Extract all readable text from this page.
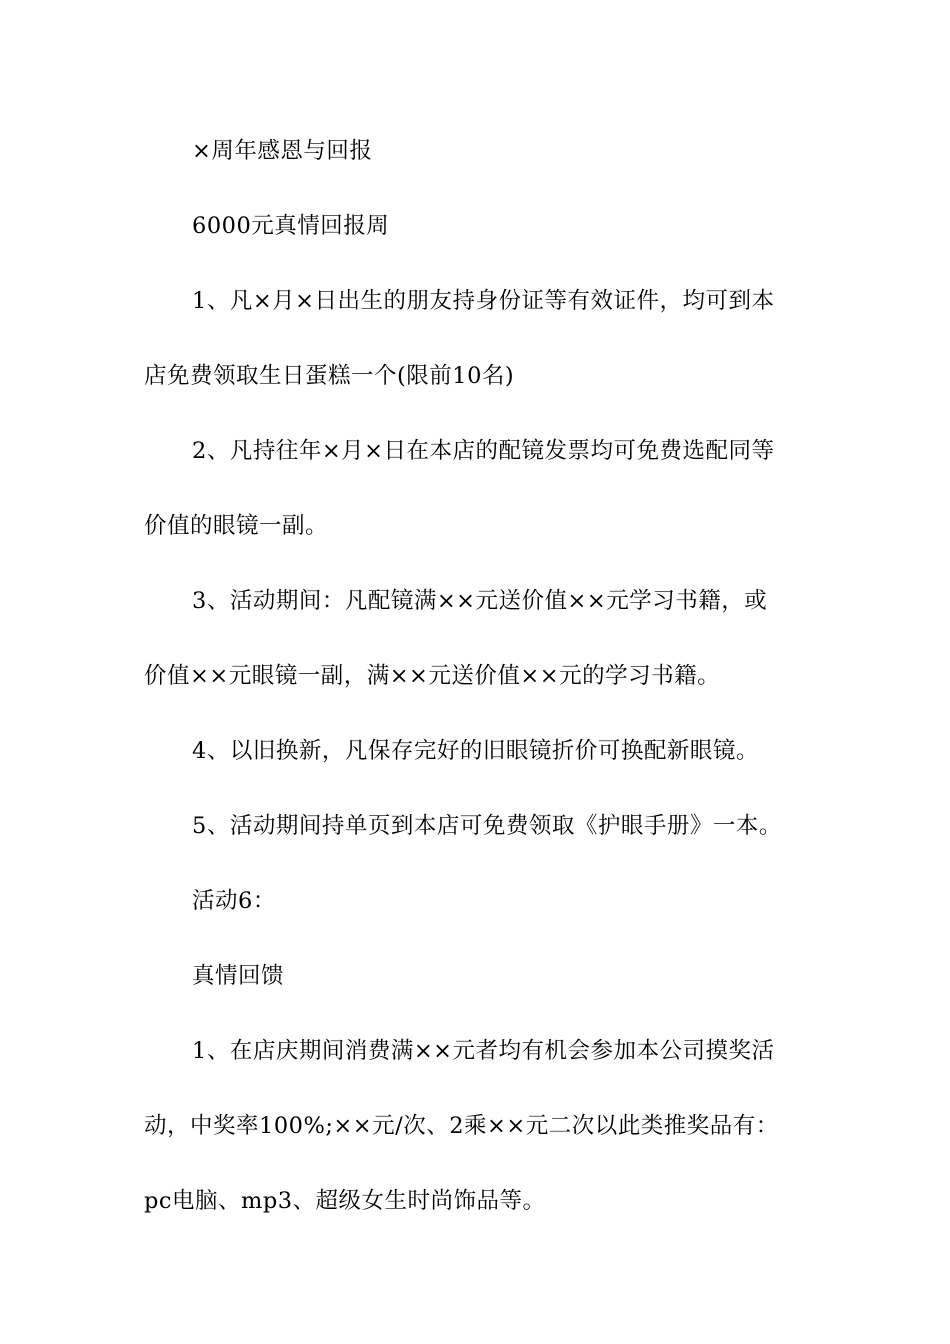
×周年感恩与回报
6000元真情回报周
1、凡×月×日出生的朋友持身份证等有效证件，均可到本
店免费领取生日蛋糕一个(限前10名)
2、凡持往年×月×日在本店的配镜发票均可免费选配同等
价值的眼镜一副。
3、活动期间：凡配镜满××元送价值××元学习书籍，或
价值××元眼镜一副，满××元送价值××元的学习书籍。
4、以旧换新，凡保存完好的旧眼镜折价可换配新眼镜。
5、活动期间持单页到本店可免费领取《护眼手册》一本。
活动6：
真情回馈
1、在店庆期间消费满××元者均有机会参加本公司摸奖活
动，中奖率100%;××元/次、2乘××元二次以此类推奖品有：
pc电脑、mp3、超级女生时尚饰品等。
